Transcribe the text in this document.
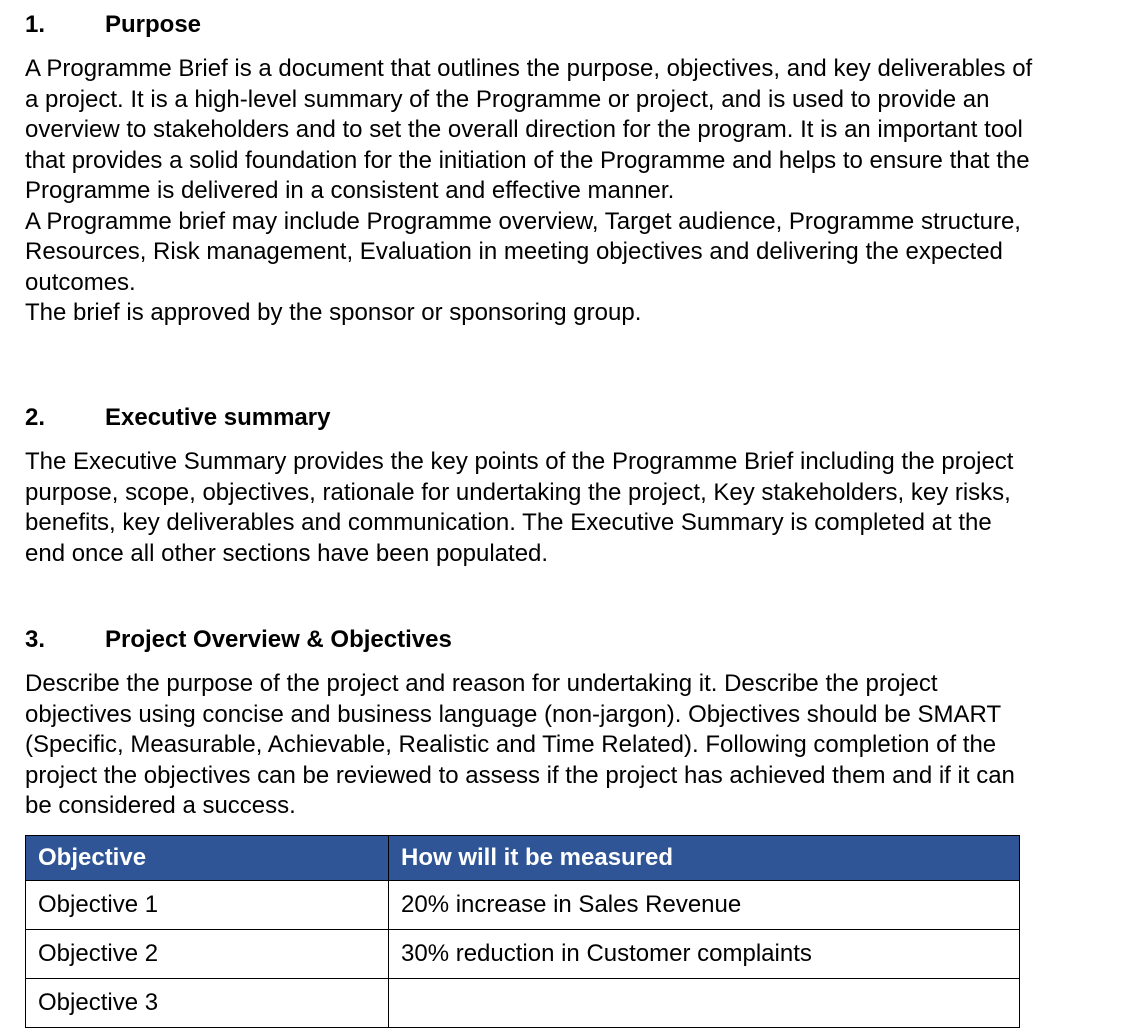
1.	Purpose

A Programme Brief is a document that outlines the purpose, objectives, and key deliverables of a project. It is a high-level summary of the Programme or project, and is used to provide an overview to stakeholders and to set the overall direction for the program. It is an important tool that provides a solid foundation for the initiation of the Programme and helps to ensure that the Programme is delivered in a consistent and effective manner.

A Programme brief may include Programme overview, Target audience, Programme structure, Resources, Risk management, Evaluation in meeting objectives and delivering the expected outcomes.

The brief is approved by the sponsor or sponsoring group.

2.	Executive summary

The Executive Summary provides the key points of the Programme Brief including the project purpose, scope, objectives, rationale for undertaking the project, Key stakeholders, key risks, benefits, key deliverables and communication. The Executive Summary is completed at the end once all other sections have been populated.

3.	Project Overview & Objectives

Describe the purpose of the project and reason for undertaking it. Describe the project objectives using concise and business language (non-jargon). Objectives should be SMART (Specific, Measurable, Achievable, Realistic and Time Related). Following completion of the project the objectives can be reviewed to assess if the project has achieved them and if it can be considered a success.

Objective	How will it be measured
Objective 1	20% increase in Sales Revenue
Objective 2	30% reduction in Customer complaints
Objective 3	
